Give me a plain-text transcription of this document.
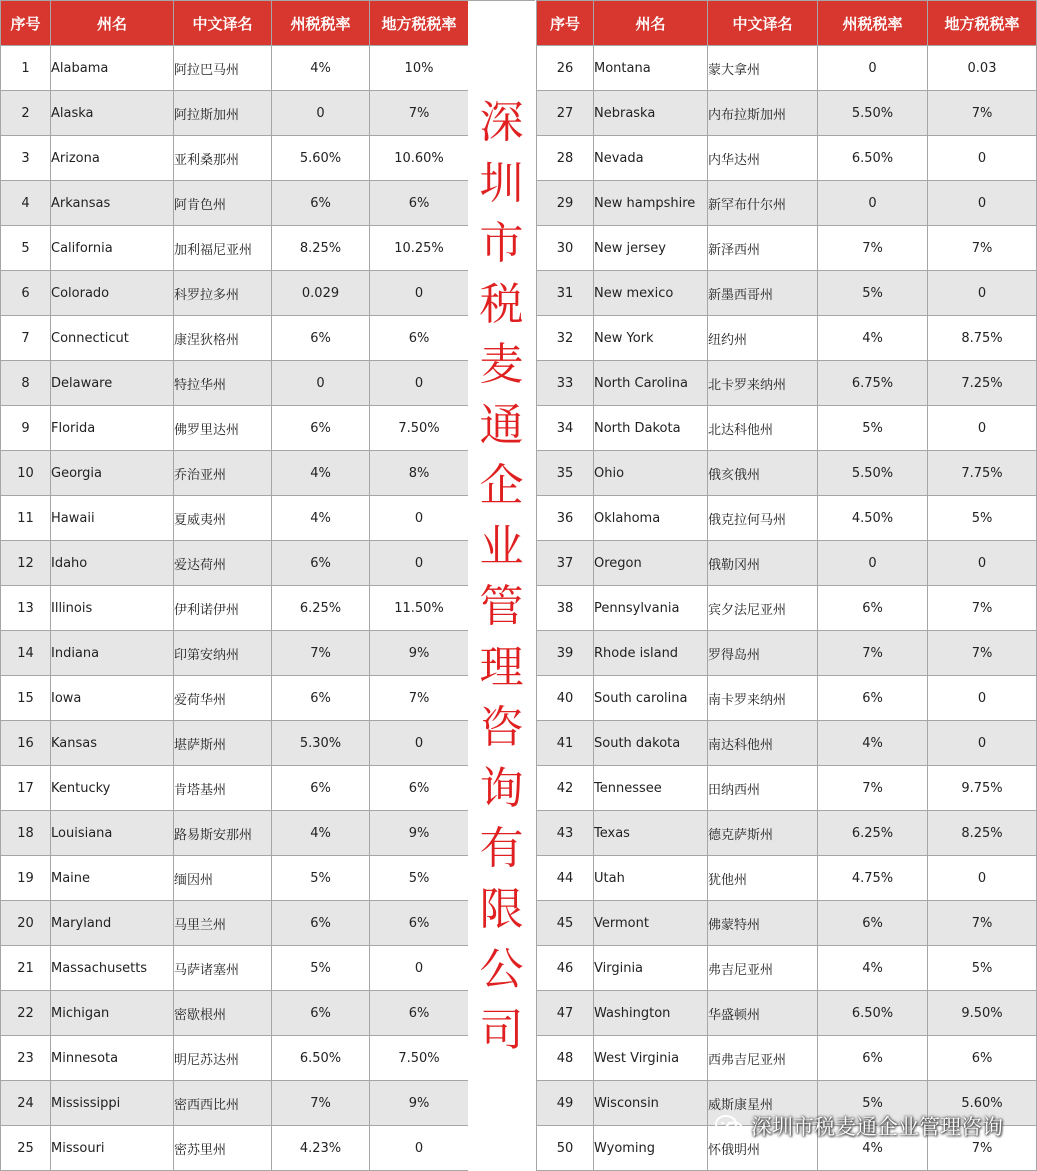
序号	州名	中文译名	州税税率	地方税税率
1	Alabama	阿拉巴马州	4%	10%
2	Alaska	阿拉斯加州	0	7%
3	Arizona	亚利桑那州	5.60%	10.60%
4	Arkansas	阿肯色州	6%	6%
5	California	加利福尼亚州	8.25%	10.25%
6	Colorado	科罗拉多州	0.029	0
7	Connecticut	康涅狄格州	6%	6%
8	Delaware	特拉华州	0	0
9	Florida	佛罗里达州	6%	7.50%
10	Georgia	乔治亚州	4%	8%
11	Hawaii	夏威夷州	4%	0
12	Idaho	爱达荷州	6%	0
13	Illinois	伊利诺伊州	6.25%	11.50%
14	Indiana	印第安纳州	7%	9%
15	Iowa	爱荷华州	6%	7%
16	Kansas	堪萨斯州	5.30%	0
17	Kentucky	肯塔基州	6%	6%
18	Louisiana	路易斯安那州	4%	9%
19	Maine	缅因州	5%	5%
20	Maryland	马里兰州	6%	6%
21	Massachusetts	马萨诸塞州	5%	0
22	Michigan	密歇根州	6%	6%
23	Minnesota	明尼苏达州	6.50%	7.50%
24	Mississippi	密西西比州	7%	9%
25	Missouri	密苏里州	4.23%	0
深圳市税麦通企业管理咨询有限公司
序号	州名	中文译名	州税税率	地方税税率
26	Montana	蒙大拿州	0	0.03
27	Nebraska	内布拉斯加州	5.50%	7%
28	Nevada	内华达州	6.50%	0
29	New hampshire	新罕布什尔州	0	0
30	New jersey	新泽西州	7%	7%
31	New mexico	新墨西哥州	5%	0
32	New York	纽约州	4%	8.75%
33	North Carolina	北卡罗来纳州	6.75%	7.25%
34	North Dakota	北达科他州	5%	0
35	Ohio	俄亥俄州	5.50%	7.75%
36	Oklahoma	俄克拉何马州	4.50%	5%
37	Oregon	俄勒冈州	0	0
38	Pennsylvania	宾夕法尼亚州	6%	7%
39	Rhode island	罗得岛州	7%	7%
40	South carolina	南卡罗来纳州	6%	0
41	South dakota	南达科他州	4%	0
42	Tennessee	田纳西州	7%	9.75%
43	Texas	德克萨斯州	6.25%	8.25%
44	Utah	犹他州	4.75%	0
45	Vermont	佛蒙特州	6%	7%
46	Virginia	弗吉尼亚州	4%	5%
47	Washington	华盛顿州	6.50%	9.50%
48	West Virginia	西弗吉尼亚州	6%	6%
49	Wisconsin	威斯康星州	5%	5.60%
50	Wyoming	怀俄明州	4%	7%
深圳市税麦通企业管理咨询
